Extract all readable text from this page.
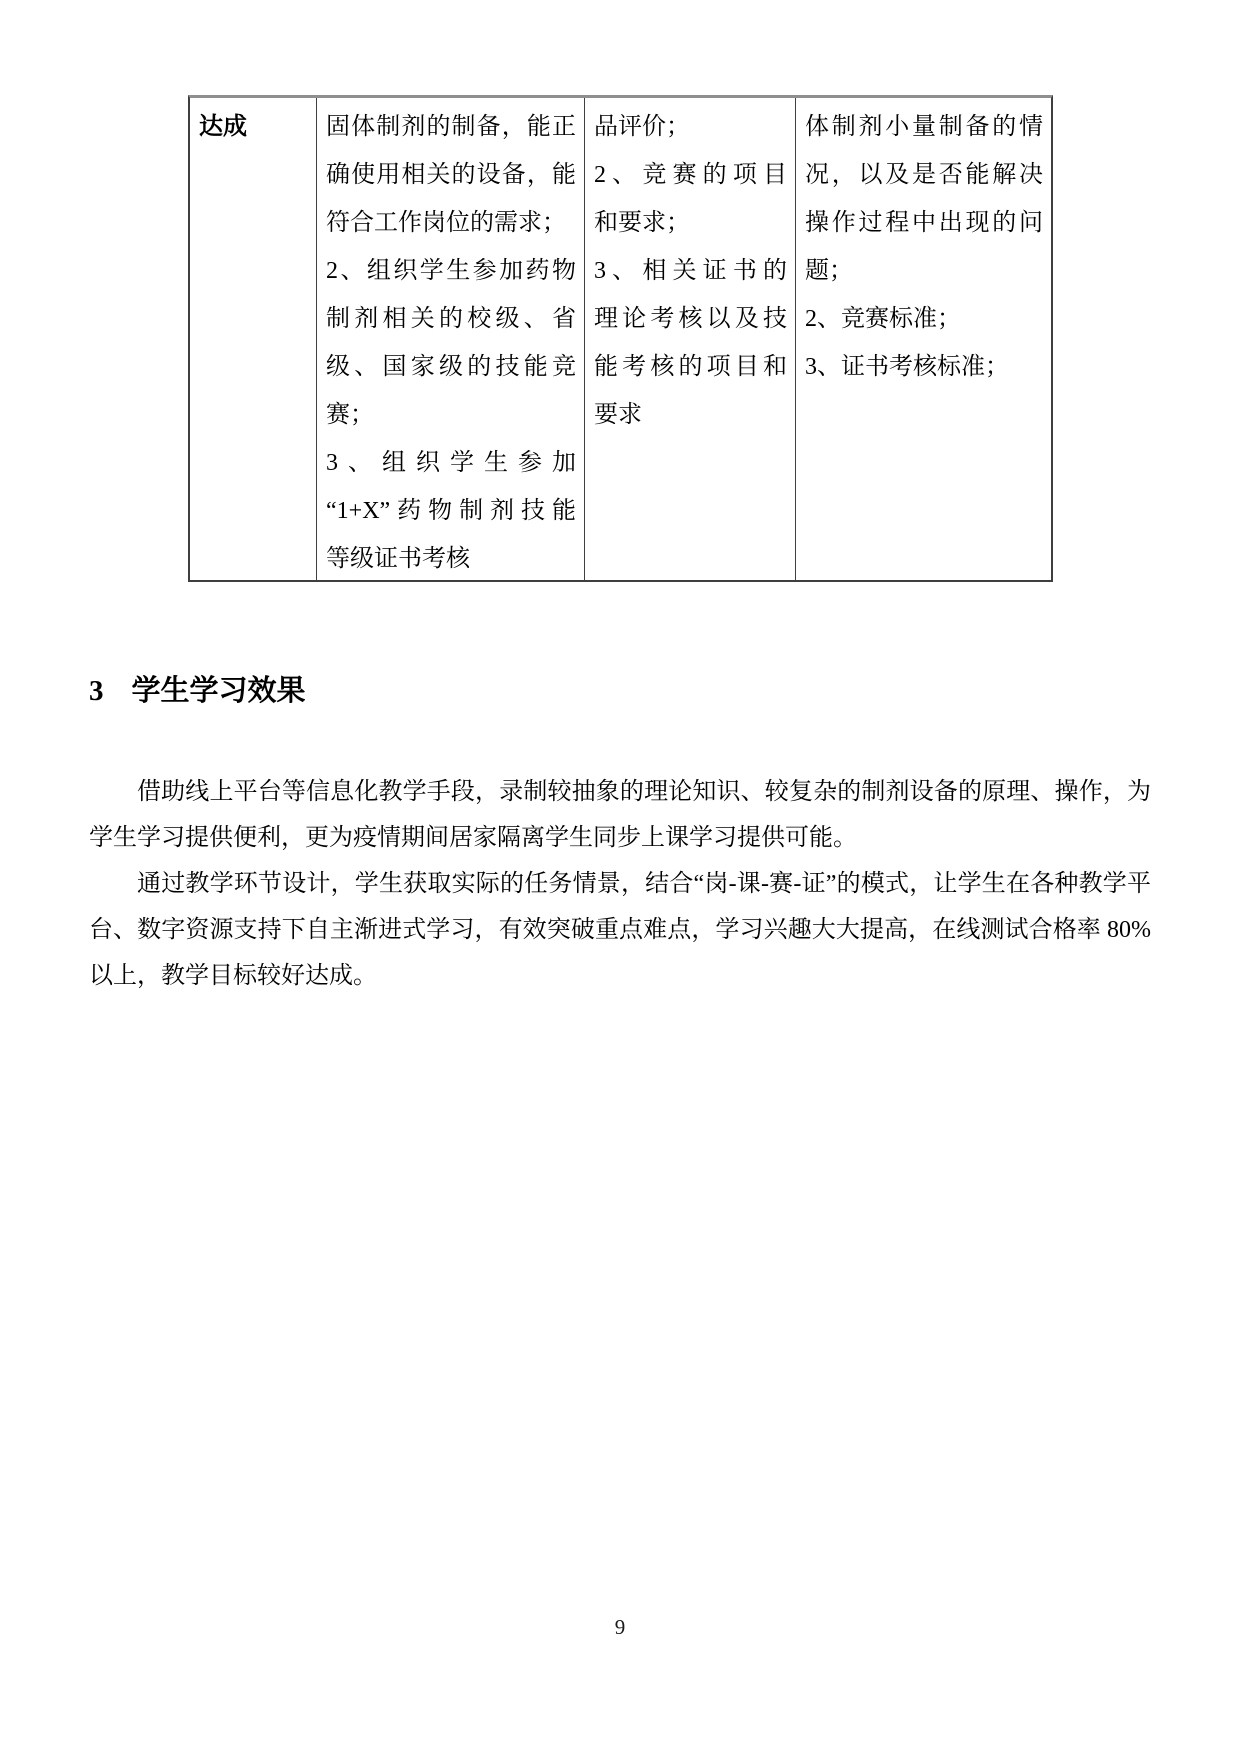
达成	固体制剂的制备，能正
确使用相关的设备，能
符合工作岗位的需求；
2、组织学生参加药物
制剂相关的校级、省
级、国家级的技能竞
赛；
3、组织学生参加
“1+X”药物制剂技能
等级证书考核
品评价；
2、竞赛的项目
和要求；
3、相关证书的
理论考核以及技
能考核的项目和
要求
体制剂小量制备的情
况，以及是否能解决
操作过程中出现的问
题；
2、竞赛标准；
3、证书考核标准；
3 学生学习效果

借助线上平台等信息化教学手段，录制较抽象的理论知识、较复杂的制剂设备的原理、操作，为学生学习提供便利，更为疫情期间居家隔离学生同步上课学习提供可能。

通过教学环节设计，学生获取实际的任务情景，结合“岗-课-赛-证”的模式，让学生在各种教学平台、数字资源支持下自主渐进式学习，有效突破重点难点，学习兴趣大大提高，在线测试合格率 80%以上，教学目标较好达成。

9
